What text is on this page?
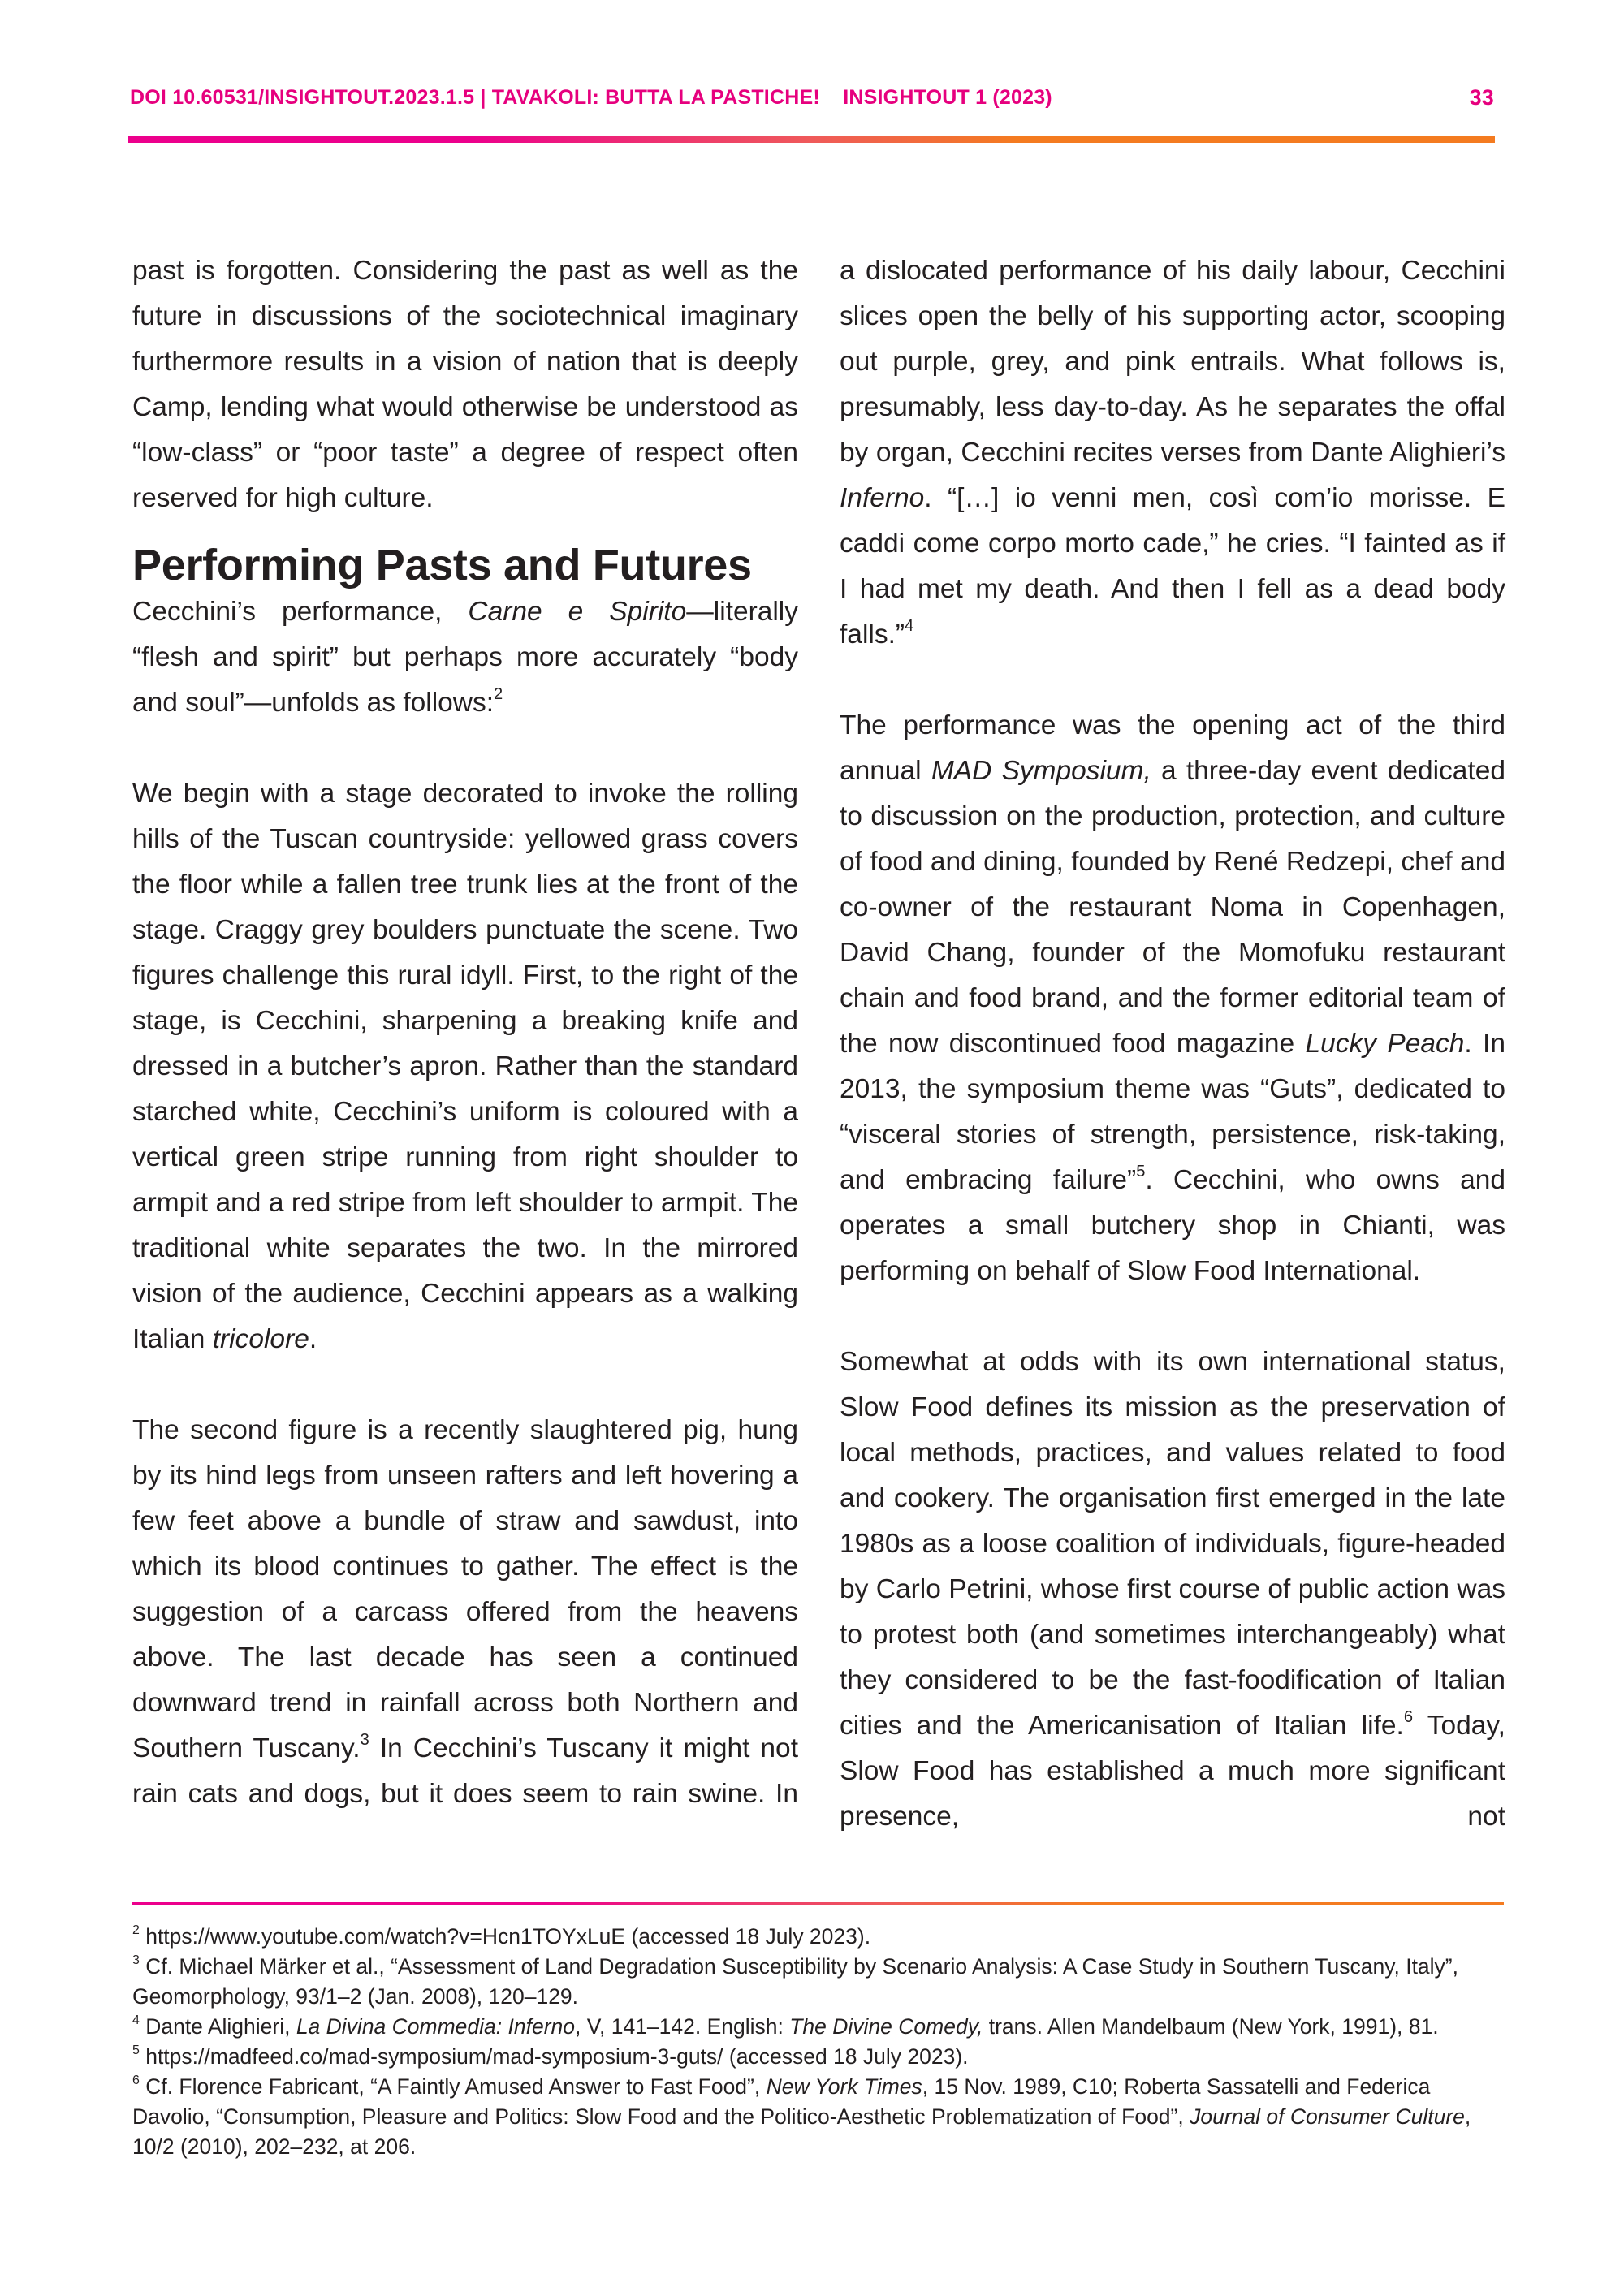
DOI 10.60531/INSIGHTOUT.2023.1.5 | TAVAKOLI: BUTTA LA PASTICHE! _ INSIGHTOUT 1 (2023)	33

past is forgotten. Considering the past as well as the future in discussions of the sociotechnical imaginary furthermore results in a vision of nation that is deeply Camp, lending what would otherwise be understood as “low-class” or “poor taste” a degree of respect often reserved for high culture.

Performing Pasts and Futures

Cecchini’s performance, Carne e Spirito—literally “flesh and spirit” but perhaps more accurately “body and soul”—unfolds as follows:$^2$

We begin with a stage decorated to invoke the rolling hills of the Tuscan countryside: yellowed grass covers the floor while a fallen tree trunk lies at the front of the stage. Craggy grey boulders punctuate the scene. Two figures challenge this rural idyll. First, to the right of the stage, is Cecchini, sharpening a breaking knife and dressed in a butcher’s apron. Rather than the standard starched white, Cecchini’s uniform is coloured with a vertical green stripe running from right shoulder to armpit and a red stripe from left shoulder to armpit. The traditional white separates the two. In the mirrored vision of the audience, Cecchini appears as a walking Italian tricolore.

The second figure is a recently slaughtered pig, hung by its hind legs from unseen rafters and left hovering a few feet above a bundle of straw and sawdust, into which its blood continues to gather. The effect is the suggestion of a carcass offered from the heavens above. The last decade has seen a continued downward trend in rainfall across both Northern and Southern Tuscany.$^3$ In Cecchini’s Tuscany it might not rain cats and dogs, but it does seem to rain swine. In

a dislocated performance of his daily labour, Cecchini slices open the belly of his supporting actor, scooping out purple, grey, and pink entrails. What follows is, presumably, less day-to-day. As he separates the offal by organ, Cecchini recites verses from Dante Alighieri’s Inferno. “[…] io venni men, così com’io morisse. E caddi come corpo morto cade,” he cries. “I fainted as if I had met my death. And then I fell as a dead body falls.”$^4$

The performance was the opening act of the third annual MAD Symposium, a three-day event dedicated to discussion on the production, protection, and culture of food and dining, founded by René Redzepi, chef and co-owner of the restaurant Noma in Copenhagen, David Chang, founder of the Momofuku restaurant chain and food brand, and the former editorial team of the now discontinued food magazine Lucky Peach. In 2013, the symposium theme was “Guts”, dedicated to “visceral stories of strength, persistence, risk-taking, and embracing failure”$^5$. Cecchini, who owns and operates a small butchery shop in Chianti, was performing on behalf of Slow Food International.

Somewhat at odds with its own international status, Slow Food defines its mission as the preservation of local methods, practices, and values related to food and cookery. The organisation first emerged in the late 1980s as a loose coalition of individuals, figure-headed by Carlo Petrini, whose first course of public action was to protest both (and sometimes interchangeably) what they considered to be the fast-foodification of Italian cities and the Americanisation of Italian life.$^6$ Today, Slow Food has established a much more significant presence, not

$^2$ https://www.youtube.com/watch?v=Hcn1TOYxLuE (accessed 18 July 2023).

$^3$ Cf. Michael Märker et al., “Assessment of Land Degradation Susceptibility by Scenario Analysis: A Case Study in Southern Tuscany, Italy”, Geomorphology, 93/1–2 (Jan. 2008), 120–129.

$^4$ Dante Alighieri, La Divina Commedia: Inferno, V, 141–142. English: The Divine Comedy, trans. Allen Mandelbaum (New York, 1991), 81.

$^5$ https://madfeed.co/mad-symposium/mad-symposium-3-guts/ (accessed 18 July 2023).

$^6$ Cf. Florence Fabricant, “A Faintly Amused Answer to Fast Food”, New York Times, 15 Nov. 1989, C10; Roberta Sassatelli and Federica Davolio, “Consumption, Pleasure and Politics: Slow Food and the Politico-Aesthetic Problematization of Food”, Journal of Consumer Culture, 10/2 (2010), 202–232, at 206.
